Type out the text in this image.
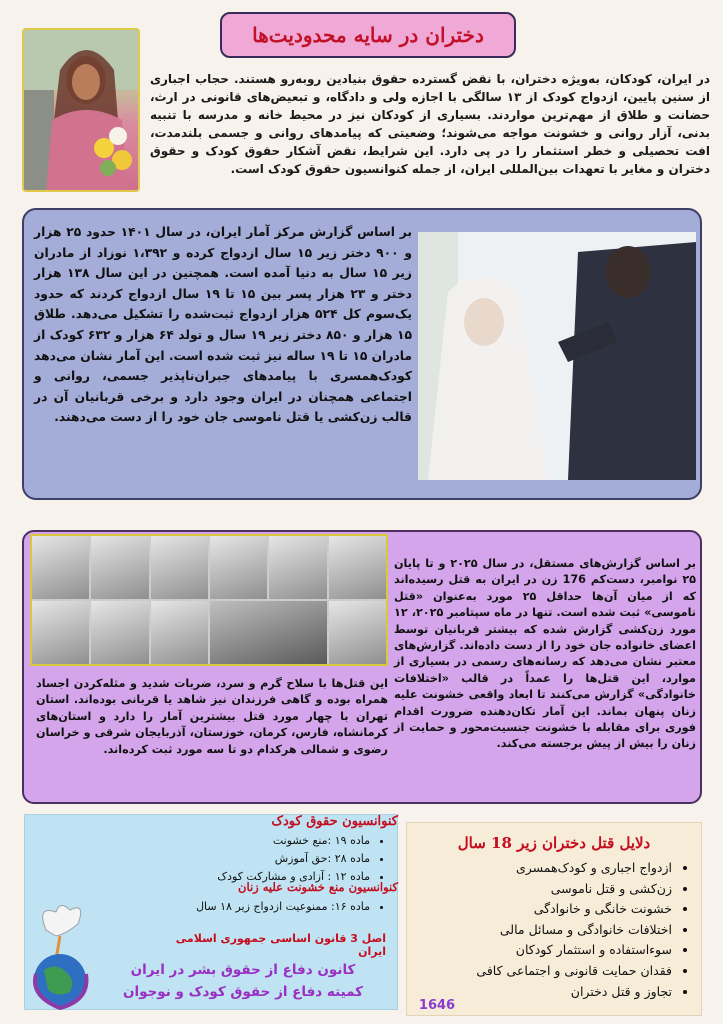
دختران در سایه محدودیت‌ها
در ایران، کودکان، به‌ویژه دختران، با نقض گسترده حقوق بنیادین روبه‌رو هستند. حجاب اجباری از سنین پایین، ازدواج کودک از ۱۳ سالگی با اجازه ولی و دادگاه، و تبعیض‌های قانونی در ارث، حضانت و طلاق از مهم‌ترین مواردند. بسیاری از کودکان نیز در محیط خانه و مدرسه با تنبیه بدنی، آزار روانی و خشونت مواجه می‌شوند؛ وضعیتی که پیامدهای روانی و جسمی بلندمدت، افت تحصیلی و خطر استثمار را در پی دارد. این شرایط، نقض آشکار حقوق کودک و حقوق دختران و مغایر با تعهدات بین‌المللی ایران، از جمله کنوانسیون حقوق کودک است.
بر اساس گزارش مرکز آمار ایران، در سال ۱۴۰۱ حدود ۲۵ هزار و ۹۰۰ دختر زیر ۱۵ سال ازدواج کرده و ۱،۳۹۲ نوزاد از مادران زیر ۱۵ سال به دنیا آمده است. همچنین در این سال ۱۳۸ هزار دختر و ۲۳ هزار پسر بین ۱۵ تا ۱۹ سال ازدواج کردند که حدود یک‌سوم کل ۵۲۴ هزار ازدواج ثبت‌شده را تشکیل می‌دهد. طلاق ۱۵ هزار و ۸۵۰ دختر زیر ۱۹ سال و تولد ۶۴ هزار و ۶۳۲ کودک از مادران ۱۵ تا ۱۹ ساله نیز ثبت شده است. این آمار نشان می‌دهد کودک‌همسری با پیامدهای جبران‌ناپذیر جسمی، روانی و اجتماعی همچنان در ایران وجود دارد و برخی قربانیان آن در قالب زن‌کشی یا قتل ناموسی جان خود را از دست می‌دهند.
بر اساس گزارش‌های مستقل، در سال ۲۰۲۵ و تا پایان ۲۵ نوامبر، دست‌کم 176 زن در ایران به قتل رسیده‌اند که از میان آن‌ها حداقل ۲۵ مورد به‌عنوان «قتل ناموسی» ثبت شده است. تنها در ماه سپتامبر ۲۰۲۵، ۱۲ مورد زن‌کشی گزارش شده که بیشتر قربانیان توسط اعضای خانواده جان خود را از دست داده‌اند. گزارش‌های معتبر نشان می‌دهد که رسانه‌های رسمی در بسیاری از موارد، این قتل‌ها را عمداً در قالب «اختلافات خانوادگی» گزارش می‌کنند تا ابعاد واقعی خشونت علیه زنان پنهان بماند. این آمار تکان‌دهنده ضرورت اقدام فوری برای مقابله با خشونت جنسیت‌محور و حمایت از زنان را بیش از پیش برجسته می‌کند.
این قتل‌ها با سلاح گرم و سرد، ضربات شدید و مثله‌کردن اجساد همراه بوده و گاهی فرزندان نیز شاهد یا قربانی بوده‌اند. استان تهران با چهار مورد قتل بیشترین آمار را دارد و استان‌های کرمانشاه، فارس، کرمان، خوزستان، آذربایجان شرقی و خراسان رضوی و شمالی هرکدام دو تا سه مورد ثبت کرده‌اند.
کنوانسیون حقوق کودک
• ماده ۱۹ :منع خشونت
• ماده ۲۸ :حق آموزش
• ماده ۱۲ : آزادی و مشارکت کودک
کنوانسیون منع خشونت علیه زنان
• ماده ۱۶: ممنوعیت ازدواج زیر ۱۸ سال
اصل 3 قانون اساسی جمهوری اسلامی ایران
کانون دفاع از حقوق بشر در ایران
کمیته دفاع از حقوق کودک و نوجوان
دلایل قتل دختران زیر 18 سال
• ازدواج اجباری و کودک‌همسری
• زن‌کشی و قتل ناموسی
• خشونت خانگی و خانوادگی
• اختلافات خانوادگی و مسائل مالی
• سوءاستفاده و استثمار کودکان
• فقدان حمایت قانونی و اجتماعی کافی
• تجاوز و قتل دختران
1646
